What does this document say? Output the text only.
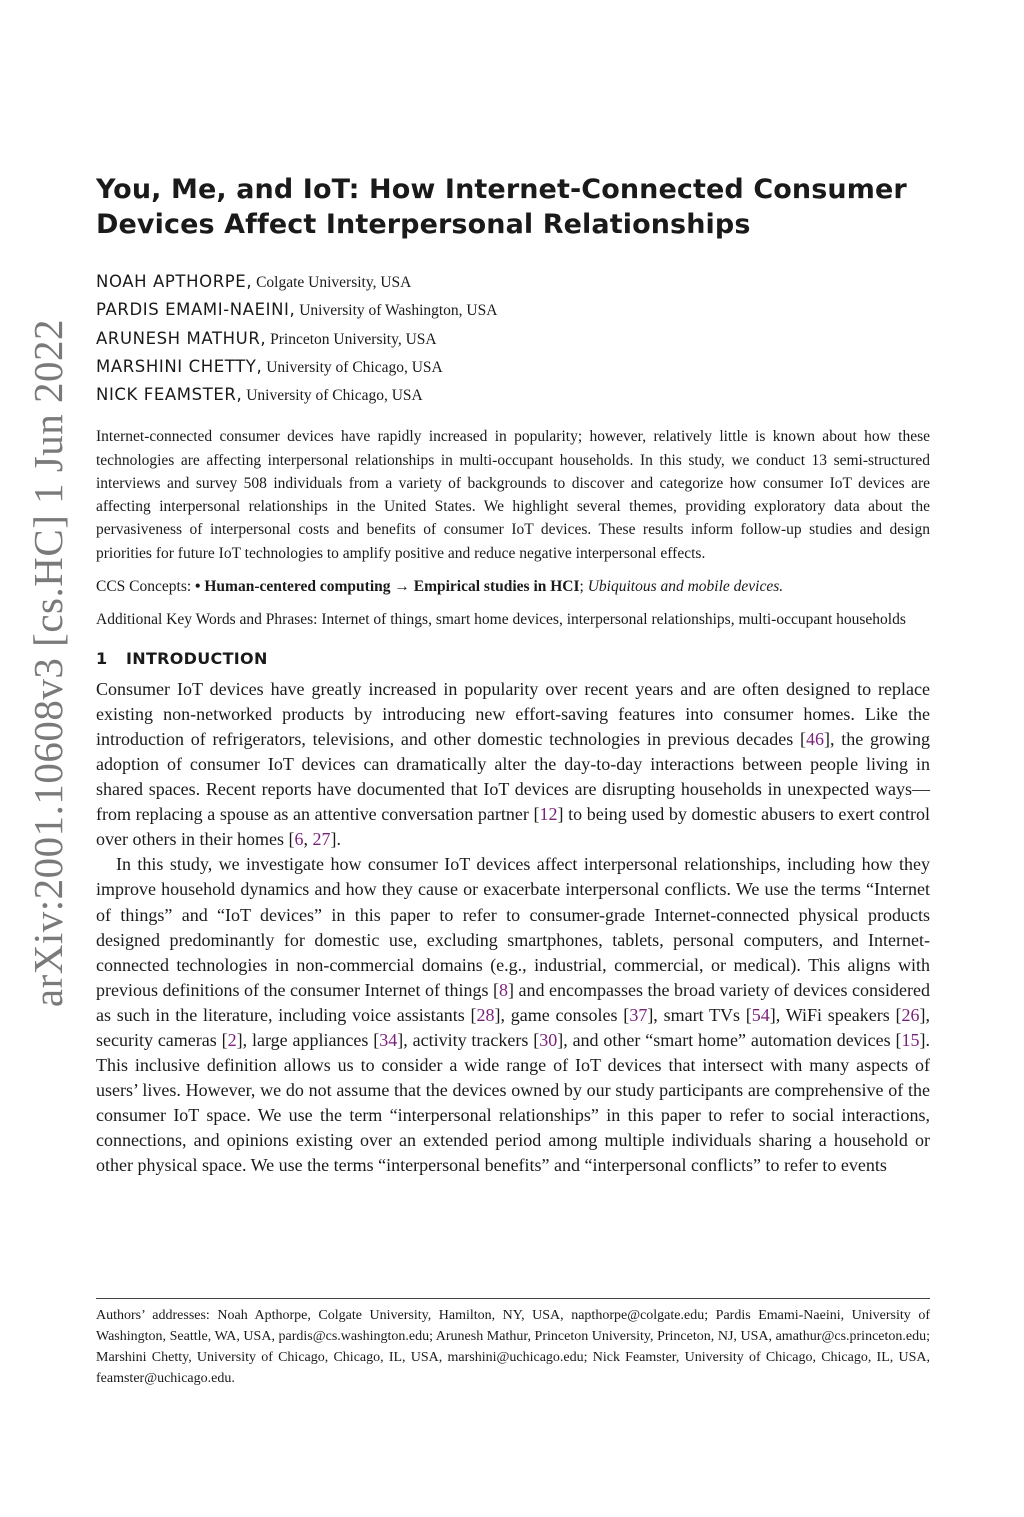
arXiv:2001.10608v3 [cs.HC] 1 Jun 2022
You, Me, and IoT: How Internet-Connected Consumer
Devices Affect Interpersonal Relationships
NOAH APTHORPE, Colgate University, USA
PARDIS EMAMI-NAEINI, University of Washington, USA
ARUNESH MATHUR, Princeton University, USA
MARSHINI CHETTY, University of Chicago, USA
NICK FEAMSTER, University of Chicago, USA
Internet-connected consumer devices have rapidly increased in popularity; however, relatively little is known about how these technologies are affecting interpersonal relationships in multi-occupant households. In this study, we conduct 13 semi-structured interviews and survey 508 individuals from a variety of backgrounds to discover and categorize how consumer IoT devices are affecting interpersonal relationships in the United States. We highlight several themes, providing exploratory data about the pervasiveness of interpersonal costs and benefits of consumer IoT devices. These results inform follow-up studies and design priorities for future IoT technologies to amplify positive and reduce negative interpersonal effects.
CCS Concepts: • Human-centered computing → Empirical studies in HCI; Ubiquitous and mobile devices.
Additional Key Words and Phrases: Internet of things, smart home devices, interpersonal relationships, multi-occupant households
1 INTRODUCTION

Consumer IoT devices have greatly increased in popularity over recent years and are often designed to replace existing non-networked products by introducing new effort-saving features into consumer homes. Like the introduction of refrigerators, televisions, and other domestic technologies in previous decades [46], the growing adoption of consumer IoT devices can dramatically alter the day-to-day interactions between people living in shared spaces. Recent reports have documented that IoT devices are disrupting households in unexpected ways—from replacing a spouse as an attentive conversation partner [12] to being used by domestic abusers to exert control over others in their homes [6, 27].

In this study, we investigate how consumer IoT devices affect interpersonal relationships, including how they improve household dynamics and how they cause or exacerbate interpersonal conflicts. We use the terms “Internet of things” and “IoT devices” in this paper to refer to consumer-grade Internet-connected physical products designed predominantly for domestic use, excluding smartphones, tablets, personal computers, and Internet-connected technologies in non-commercial domains (e.g., industrial, commercial, or medical). This aligns with previous definitions of the consumer Internet of things [8] and encompasses the broad variety of devices considered as such in the literature, including voice assistants [28], game consoles [37], smart TVs [54], WiFi speakers [26], security cameras [2], large appliances [34], activity trackers [30], and other “smart home” automation devices [15]. This inclusive definition allows us to consider a wide range of IoT devices that intersect with many aspects of users’ lives. However, we do not assume that the devices owned by our study participants are comprehensive of the consumer IoT space. We use the term “interpersonal relationships” in this paper to refer to social interactions, connections, and opinions existing over an extended period among multiple individuals sharing a household or other physical space. We use the terms “interpersonal benefits” and “interpersonal conflicts” to refer to events

Authors’ addresses: Noah Apthorpe, Colgate University, Hamilton, NY, USA, napthorpe@colgate.edu; Pardis Emami-Naeini, University of Washington, Seattle, WA, USA, pardis@cs.washington.edu; Arunesh Mathur, Princeton University, Princeton, NJ, USA, amathur@cs.princeton.edu; Marshini Chetty, University of Chicago, Chicago, IL, USA, marshini@uchicago.edu; Nick Feamster, University of Chicago, Chicago, IL, USA, feamster@uchicago.edu.
